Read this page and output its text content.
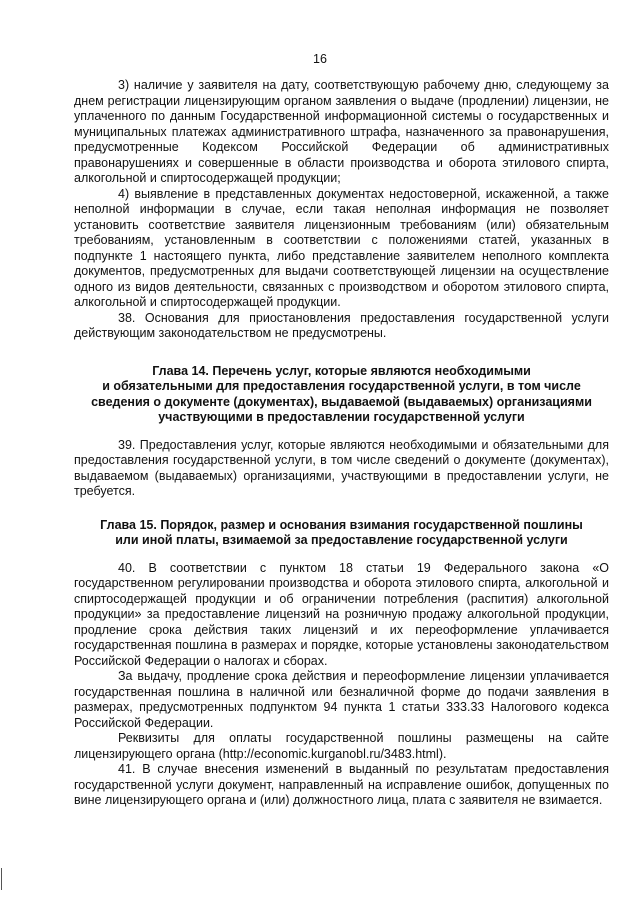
16

3) наличие у заявителя на дату, соответствующую рабочему дню, следующему за днем регистрации лицензирующим органом заявления о выдаче (продлении) лицензии, не уплаченного по данным Государственной информационной системы о государственных и муниципальных платежах административного штрафа, назначенного за правонарушения, предусмотренные Кодексом Российской Федерации об административных правонарушениях и совершенные в области производства и оборота этилового спирта, алкогольной и спиртосодержащей продукции;

4) выявление в представленных документах недостоверной, искаженной, а также неполной информации в случае, если такая неполная информация не позволяет установить соответствие заявителя лицензионным требованиям (или) обязательным требованиям, установленным в соответствии с положениями статей, указанных в подпункте 1 настоящего пункта, либо представление заявителем неполного комплекта документов, предусмотренных для выдачи соответствующей лицензии на осуществление одного из видов деятельности, связанных с производством и оборотом этилового спирта, алкогольной и спиртосодержащей продукции.

38. Основания для приостановления предоставления государственной услуги действующим законодательством не предусмотрены.

Глава 14. Перечень услуг, которые являются необходимыми
и обязательными для предоставления государственной услуги, в том числе
сведения о документе (документах), выдаваемой (выдаваемых) организациями
участвующими в предоставлении государственной услуги

39. Предоставления услуг, которые являются необходимыми и обязательными для предоставления государственной услуги, в том числе сведений о документе (документах), выдаваемом (выдаваемых) организациями, участвующими в предоставлении услуги, не требуется.

Глава 15. Порядок, размер и основания взимания государственной пошлины
или иной платы, взимаемой за предоставление государственной услуги

40. В соответствии с пунктом 18 статьи 19 Федерального закона «О государственном регулировании производства и оборота этилового спирта, алкогольной и спиртосодержащей продукции и об ограничении потребления (распития) алкогольной продукции» за предоставление лицензий на розничную продажу алкогольной продукции, продление срока действия таких лицензий и их переоформление уплачивается государственная пошлина в размерах и порядке, которые установлены законодательством Российской Федерации о налогах и сборах.

За выдачу, продление срока действия и переоформление лицензии уплачивается государственная пошлина в наличной или безналичной форме до подачи заявления в размерах, предусмотренных подпунктом 94 пункта 1 статьи 333.33 Налогового кодекса Российской Федерации.

Реквизиты для оплаты государственной пошлины размещены на сайте лицензирующего органа (http://economic.kurganobl.ru/3483.html).

41. В случае внесения изменений в выданный по результатам предоставления государственной услуги документ, направленный на исправление ошибок, допущенных по вине лицензирующего органа и (или) должностного лица, плата с заявителя не взимается.
